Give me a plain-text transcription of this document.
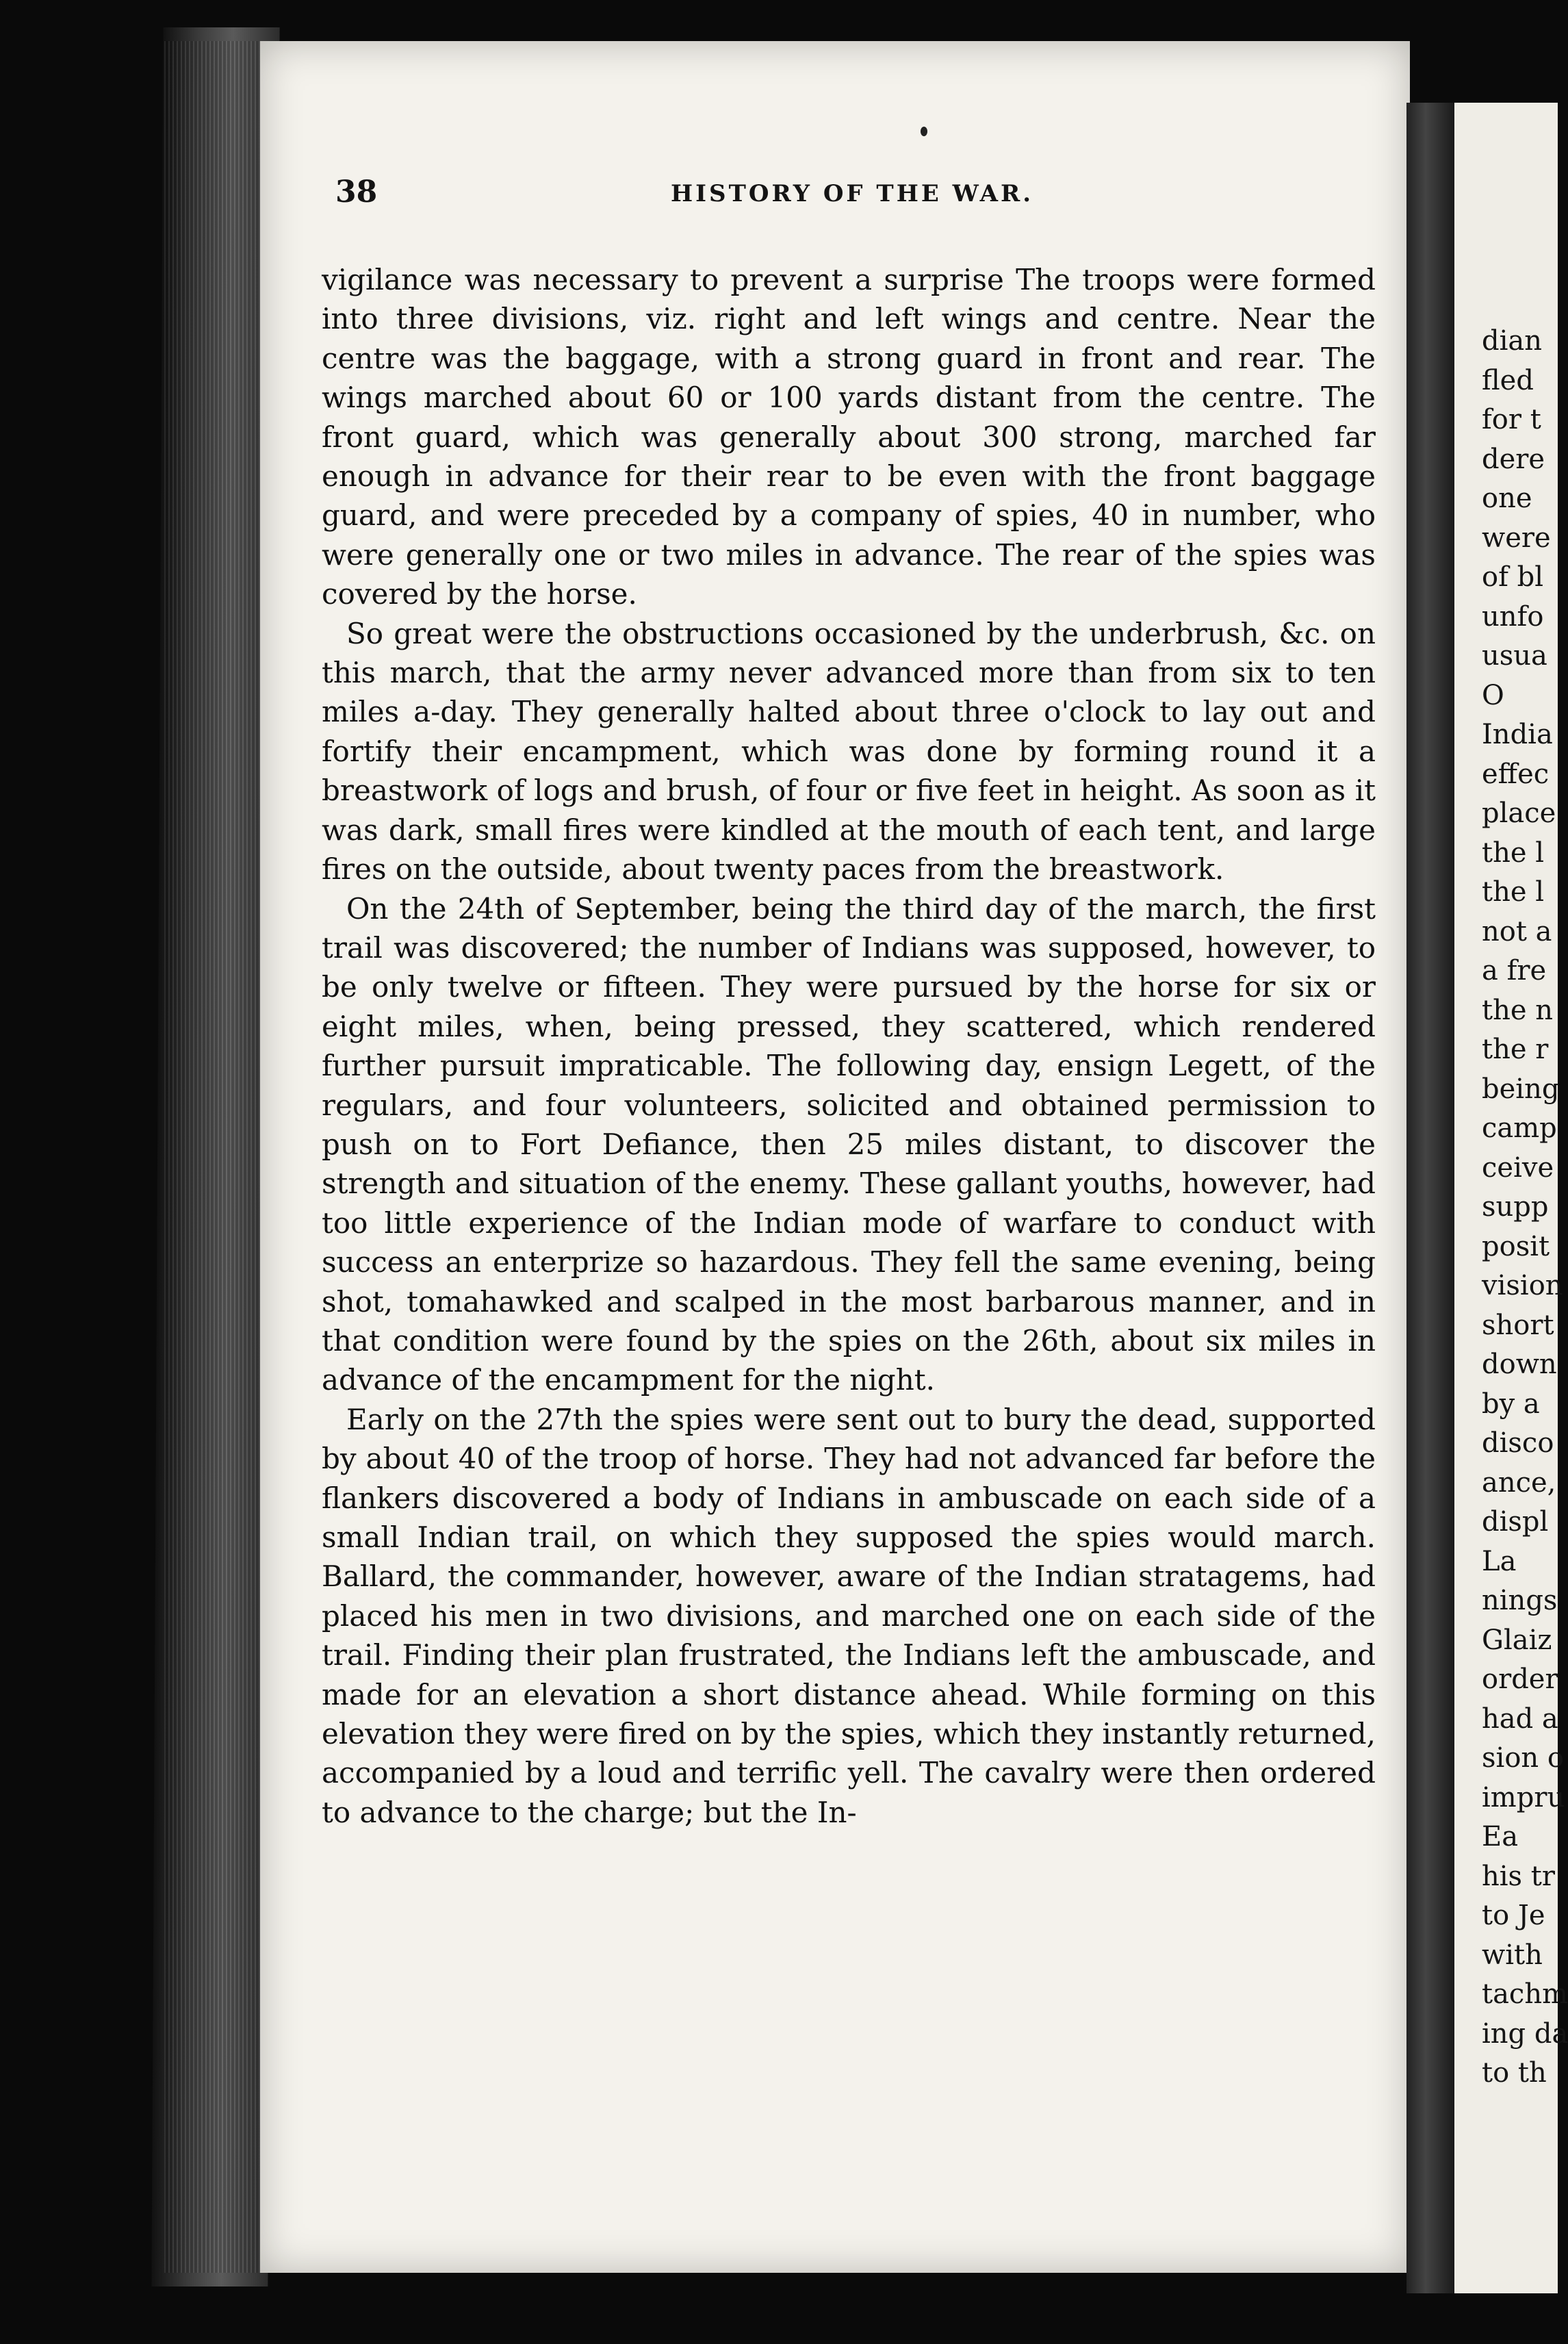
38	HISTORY OF THE WAR.

vigilance was necessary to prevent a surprise The troops were formed into three divisions, viz. right and left wings and centre. Near the centre was the baggage, with a strong guard in front and rear. The wings marched about 60 or 100 yards distant from the centre. The front guard, which was generally about 300 strong, marched far enough in advance for their rear to be even with the front baggage guard, and were preceded by a company of spies, 40 in number, who were generally one or two miles in advance. The rear of the spies was covered by the horse.

So great were the obstructions occasioned by the underbrush, &c. on this march, that the army never advanced more than from six to ten miles a-day. They generally halted about three o'clock to lay out and fortify their encampment, which was done by forming round it a breastwork of logs and brush, of four or five feet in height. As soon as it was dark, small fires were kindled at the mouth of each tent, and large fires on the outside, about twenty paces from the breastwork.

On the 24th of September, being the third day of the march, the first trail was discovered; the number of Indians was supposed, however, to be only twelve or fifteen. They were pursued by the horse for six or eight miles, when, being pressed, they scattered, which rendered further pursuit impraticable. The following day, ensign Legett, of the regulars, and four volunteers, solicited and obtained permission to push on to Fort Defiance, then 25 miles distant, to discover the strength and situation of the enemy. These gallant youths, however, had too little experience of the Indian mode of warfare to conduct with success an enterprize so hazardous. They fell the same evening, being shot, tomahawked and scalped in the most barbarous manner, and in that condition were found by the spies on the 26th, about six miles in advance of the encampment for the night.

Early on the 27th the spies were sent out to bury the dead, supported by about 40 of the troop of horse. They had not advanced far before the flankers discovered a body of Indians in ambuscade on each side of a small Indian trail, on which they supposed the spies would march. Ballard, the commander, however, aware of the Indian stratagems, had placed his men in two divisions, and marched one on each side of the trail. Finding their plan frustrated, the Indians left the ambuscade, and made for an elevation a short distance ahead. While forming on this elevation they were fired on by the spies, which they instantly returned, accompanied by a loud and terrific yell. The cavalry were then ordered to advance to the charge; but the In-

dian
fled
for t
dere
one
were
of bl
unfo
usua
O
India
effec
place
the l
the l
not a
a fre
the n
the r
being
camp
ceive
supp
posit
vision
short
down
by a
disco
ance,
displ
La
nings
Glaiz
order
had a
sion o
impru
Ea
his tr
to Je
with
tachm
ing da
to th
